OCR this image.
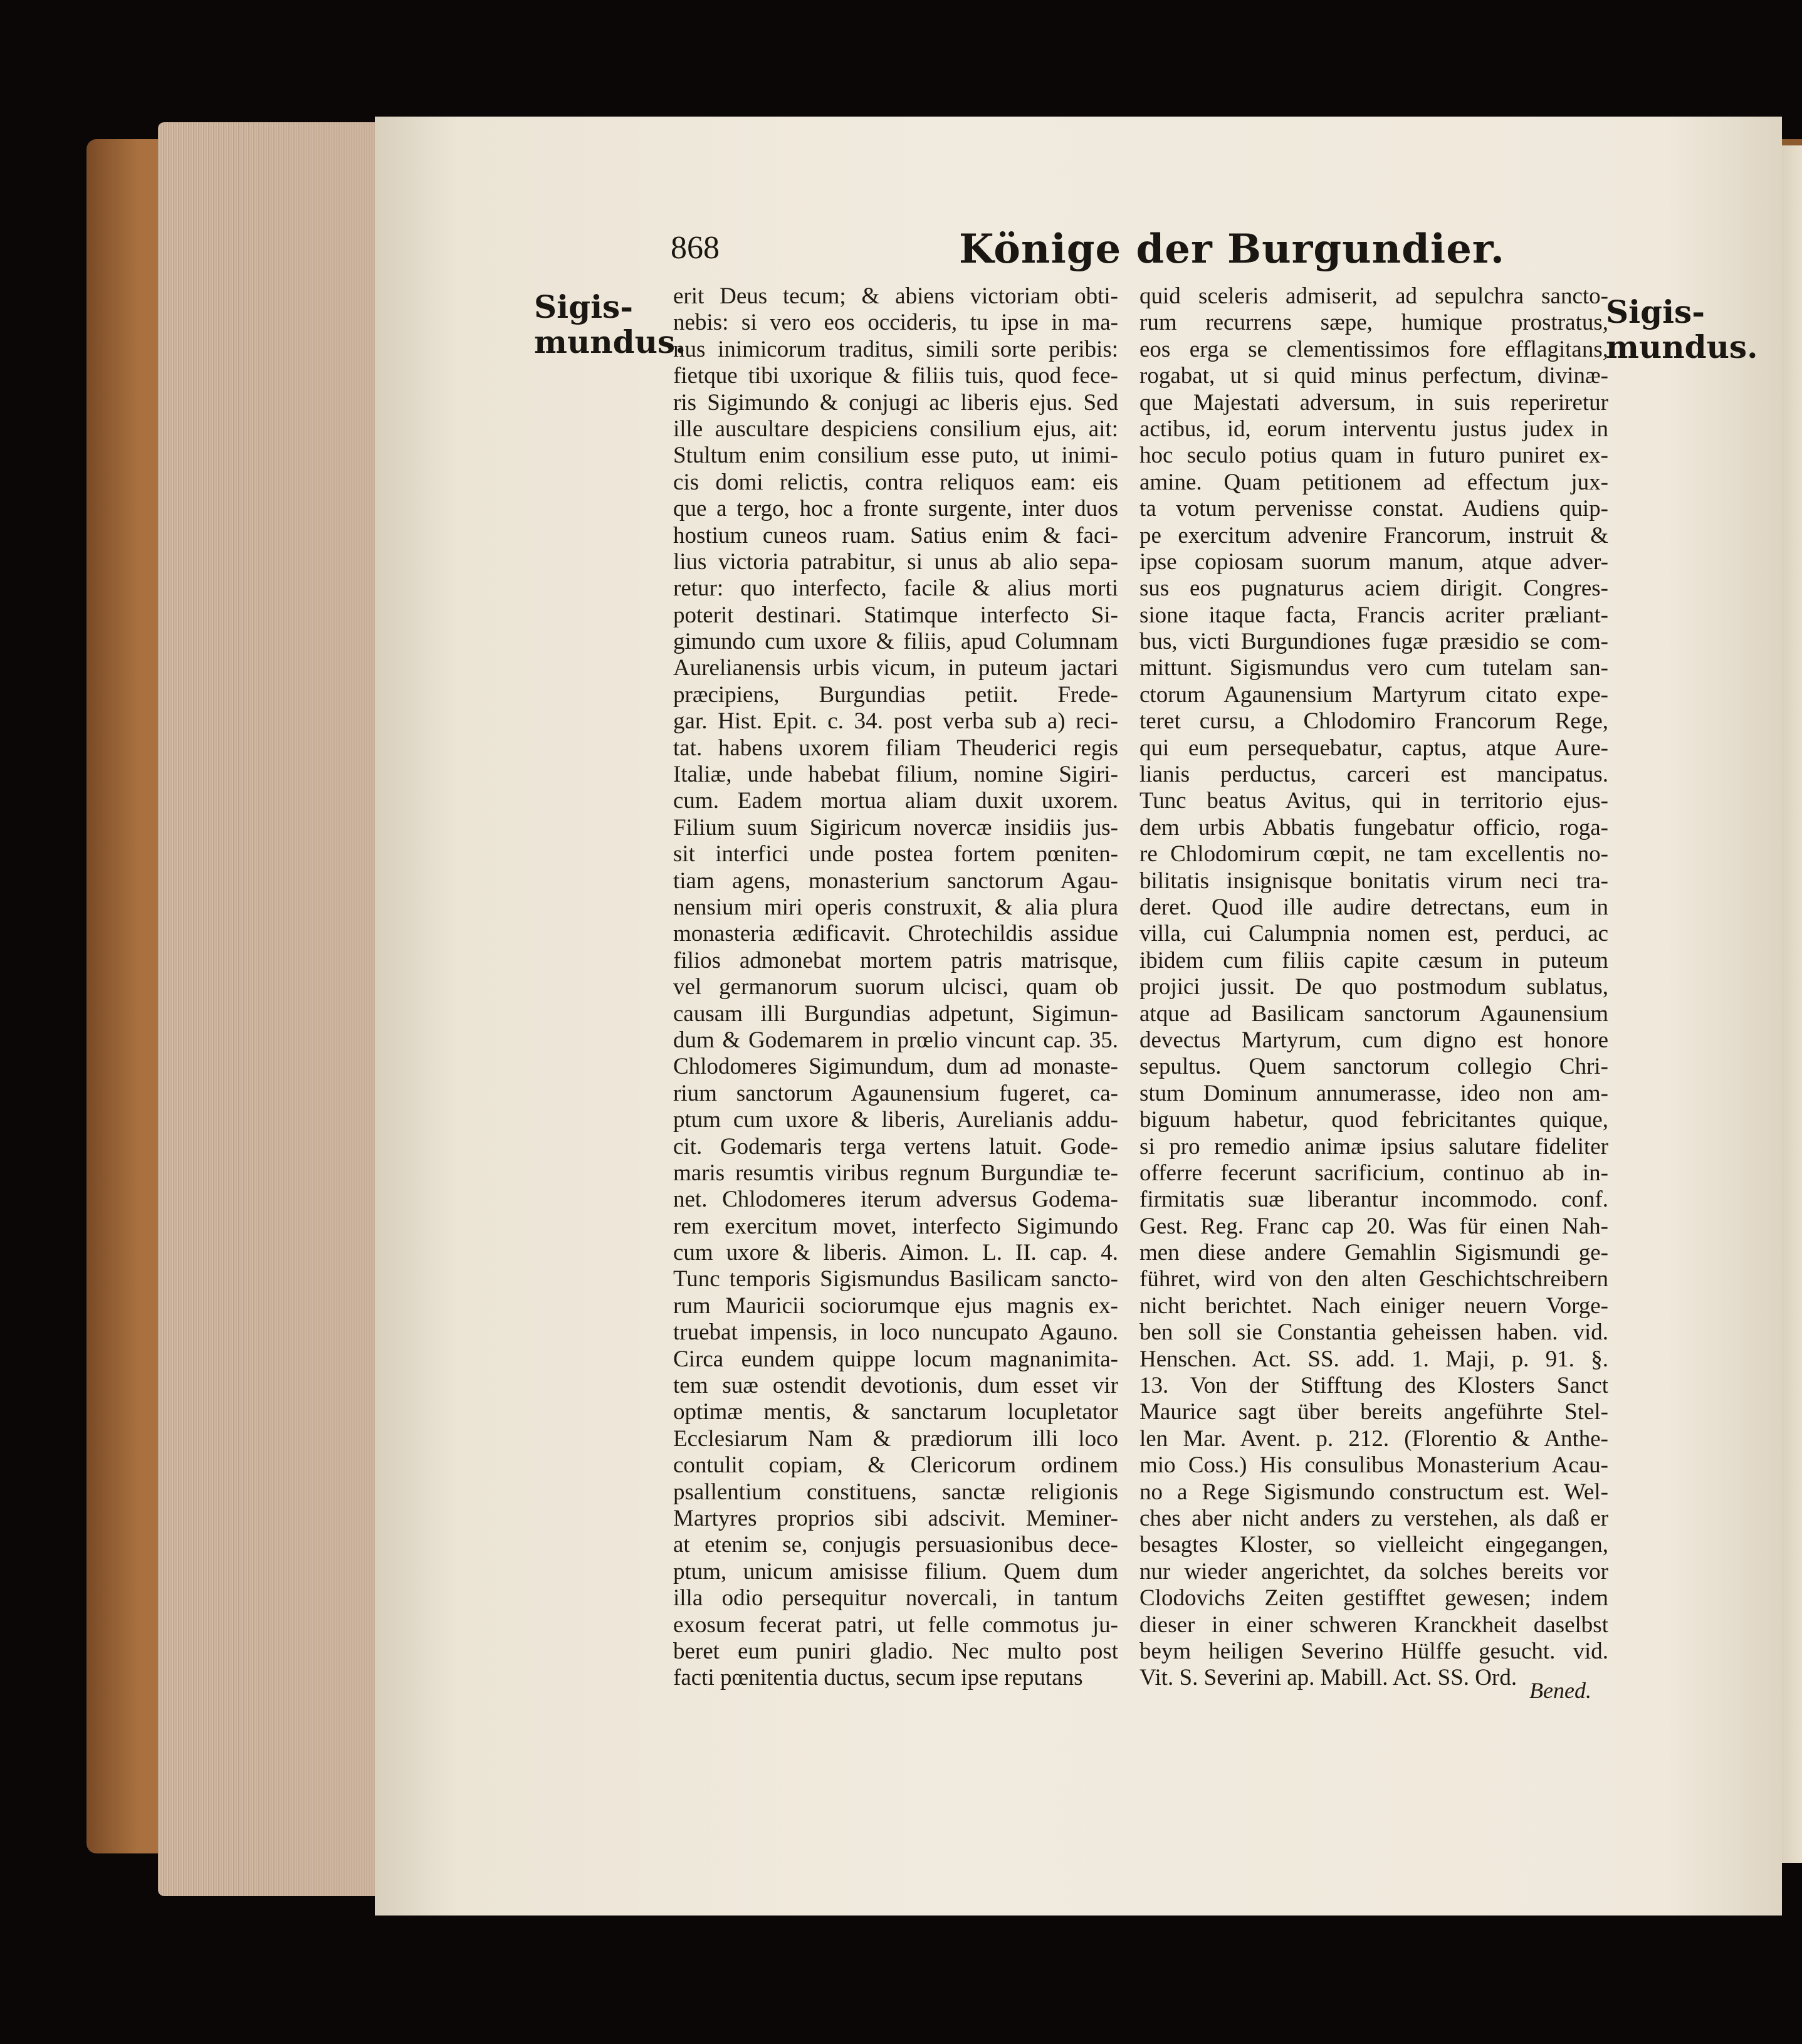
868	Könige der Burgundier.
Sigis-
mundus.
Sigis-
mundus.
erit Deus tecum; & abiens victoriam obti-
nebis: si vero eos occideris, tu ipse in ma-
nus inimicorum traditus, simili sorte peribis:
fietque tibi uxorique & filiis tuis, quod fece-
ris Sigimundo & conjugi ac liberis ejus. Sed
ille auscultare despiciens consilium ejus, ait:
Stultum enim consilium esse puto, ut inimi-
cis domi relictis, contra reliquos eam: eis
que a tergo, hoc a fronte surgente, inter duos
hostium cuneos ruam. Satius enim & faci-
lius victoria patrabitur, si unus ab alio sepa-
retur: quo interfecto, facile & alius morti
poterit destinari. Statimque interfecto Si-
gimundo cum uxore & filiis, apud Columnam
Aurelianensis urbis vicum, in puteum jactari
præcipiens, Burgundias petiit. Frede-
gar. Hist. Epit. c. 34. post verba sub a) reci-
tat. habens uxorem filiam Theuderici regis
Italiæ, unde habebat filium, nomine Sigiri-
cum. Eadem mortua aliam duxit uxorem.
Filium suum Sigiricum novercæ insidiis jus-
sit interfici unde postea fortem pœniten-
tiam agens, monasterium sanctorum Agau-
nensium miri operis construxit, & alia plura
monasteria ædificavit. Chrotechildis assidue
filios admonebat mortem patris matrisque,
vel germanorum suorum ulcisci, quam ob
causam illi Burgundias adpetunt, Sigimun-
dum & Godemarem in prœlio vincunt cap. 35.
Chlodomeres Sigimundum, dum ad monaste-
rium sanctorum Agaunensium fugeret, ca-
ptum cum uxore & liberis, Aurelianis addu-
cit. Godemaris terga vertens latuit. Gode-
maris resumtis viribus regnum Burgundiæ te-
net. Chlodomeres iterum adversus Godema-
rem exercitum movet, interfecto Sigimundo
cum uxore & liberis. Aimon. L. II. cap. 4.
Tunc temporis Sigismundus Basilicam sancto-
rum Mauricii sociorumque ejus magnis ex-
truebat impensis, in loco nuncupato Agauno.
Circa eundem quippe locum magnanimita-
tem suæ ostendit devotionis, dum esset vir
optimæ mentis, & sanctarum locupletator
Ecclesiarum Nam & prædiorum illi loco
contulit copiam, & Clericorum ordinem
psallentium constituens, sanctæ religionis
Martyres proprios sibi adscivit. Meminer-
at etenim se, conjugis persuasionibus dece-
ptum, unicum amisisse filium. Quem dum
illa odio persequitur novercali, in tantum
exosum fecerat patri, ut felle commotus ju-
beret eum puniri gladio. Nec multo post
facti pœnitentia ductus, secum ipse reputans
quid sceleris admiserit, ad sepulchra sancto-
rum recurrens sæpe, humique prostratus,
eos erga se clementissimos fore efflagitans,
rogabat, ut si quid minus perfectum, divinæ-
que Majestati adversum, in suis reperiretur
actibus, id, eorum interventu justus judex in
hoc seculo potius quam in futuro puniret ex-
amine. Quam petitionem ad effectum jux-
ta votum pervenisse constat. Audiens quip-
pe exercitum advenire Francorum, instruit &
ipse copiosam suorum manum, atque adver-
sus eos pugnaturus aciem dirigit. Congres-
sione itaque facta, Francis acriter præliant-
bus, victi Burgundiones fugæ præsidio se com-
mittunt. Sigismundus vero cum tutelam san-
ctorum Agaunensium Martyrum citato expe-
teret cursu, a Chlodomiro Francorum Rege,
qui eum persequebatur, captus, atque Aure-
lianis perductus, carceri est mancipatus.
Tunc beatus Avitus, qui in territorio ejus-
dem urbis Abbatis fungebatur officio, roga-
re Chlodomirum cœpit, ne tam excellentis no-
bilitatis insignisque bonitatis virum neci tra-
deret. Quod ille audire detrectans, eum in
villa, cui Calumpnia nomen est, perduci, ac
ibidem cum filiis capite cæsum in puteum
projici jussit. De quo postmodum sublatus,
atque ad Basilicam sanctorum Agaunensium
devectus Martyrum, cum digno est honore
sepultus. Quem sanctorum collegio Chri-
stum Dominum annumerasse, ideo non am-
biguum habetur, quod febricitantes quique,
si pro remedio animæ ipsius salutare fideliter
offerre fecerunt sacrificium, continuo ab in-
firmitatis suæ liberantur incommodo. conf.
Gest. Reg. Franc cap 20. Was für einen Nah-
men diese andere Gemahlin Sigismundi ge-
führet, wird von den alten Geschichtschreibern
nicht berichtet. Nach einiger neuern Vorge-
ben soll sie Constantia geheissen haben. vid.
Henschen. Act. SS. add. 1. Maji, p. 91. §.
13. Von der Stifftung des Klosters Sanct
Maurice sagt über bereits angeführte Stel-
len Mar. Avent. p. 212. (Florentio & Anthe-
mio Coss.) His consulibus Monasterium Acau-
no a Rege Sigismundo constructum est. Wel-
ches aber nicht anders zu verstehen, als daß er
besagtes Kloster, so vielleicht eingegangen,
nur wieder angerichtet, da solches bereits vor
Clodovichs Zeiten gestifftet gewesen; indem
dieser in einer schweren Kranckheit daselbst
beym heiligen Severino Hülffe gesucht. vid.
Vit. S. Severini ap. Mabill. Act. SS. Ord. Bened.
